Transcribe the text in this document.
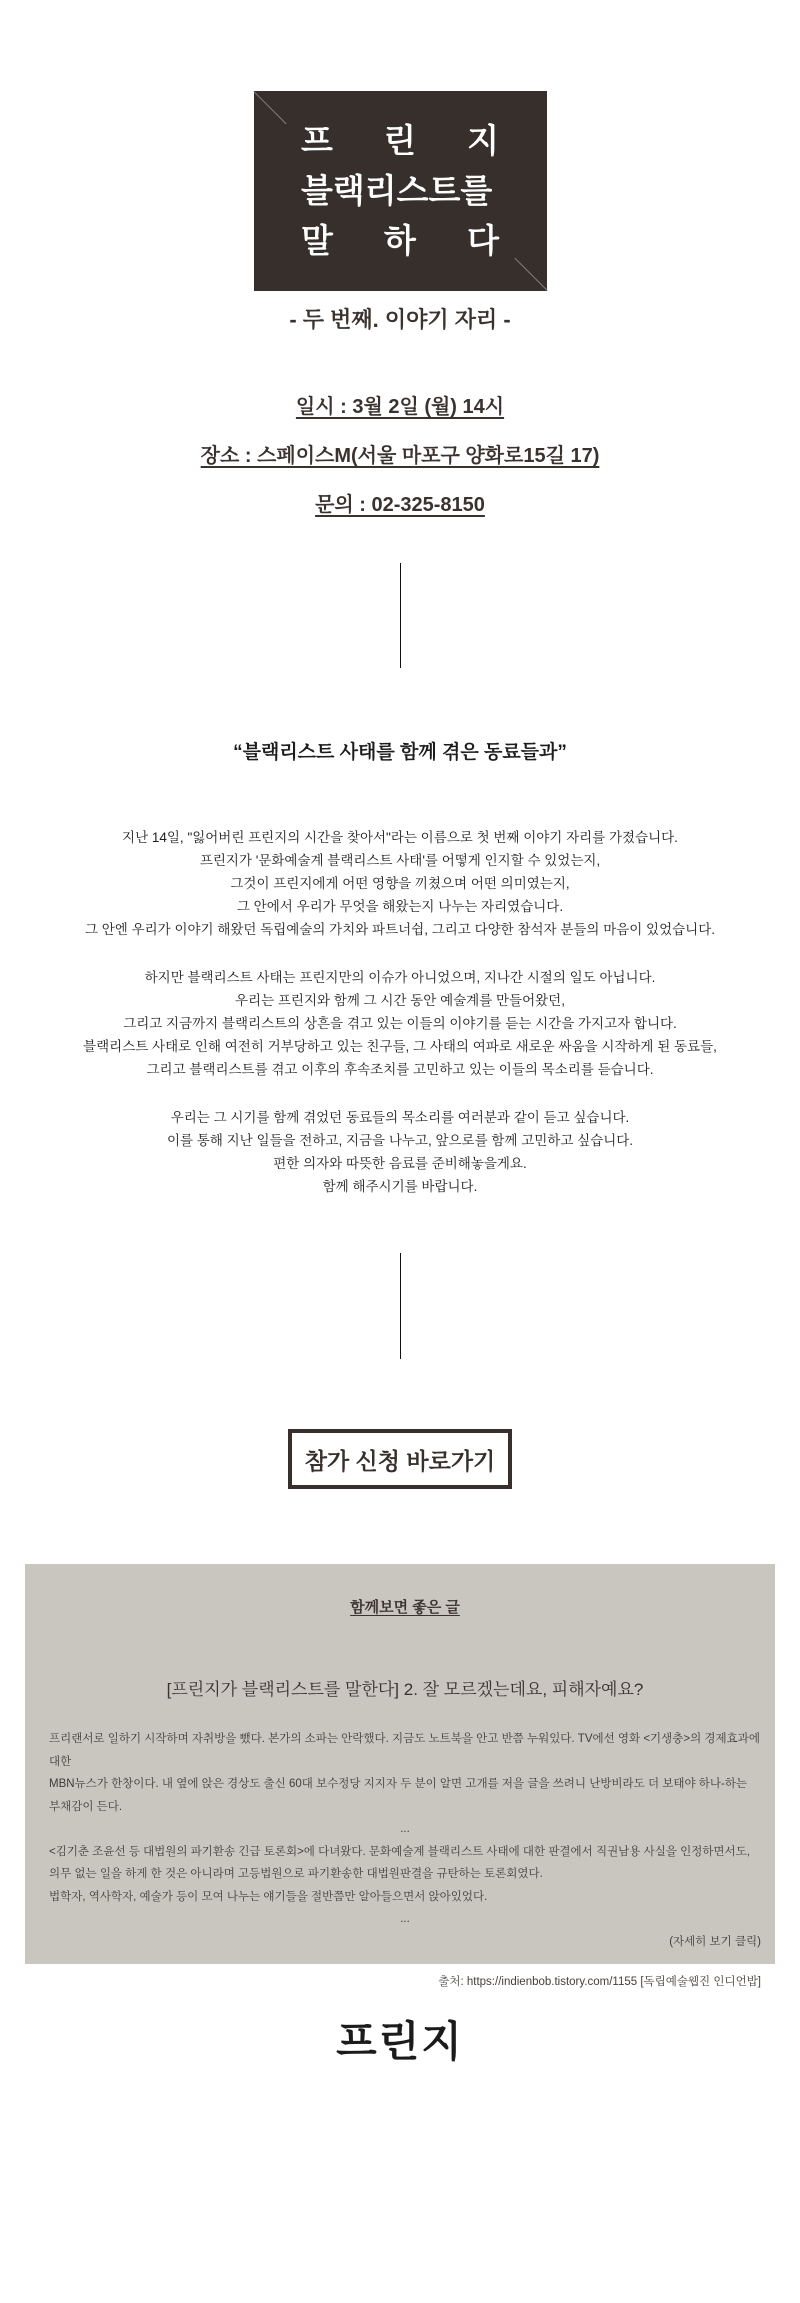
프 린 지
블랙리스트를
말 하 다
- 두 번째. 이야기 자리 -
일시 : 3월 2일 (월) 14시
장소 : 스페이스M(서울 마포구 양화로15길 17)
문의 : 02-325-8150
“블랙리스트 사태를 함께 겪은 동료들과”
지난 14일, "잃어버린 프린지의 시간을 찾아서"라는 이름으로 첫 번째 이야기 자리를 가졌습니다.
프린지가 '문화예술계 블랙리스트 사태'를 어떻게 인지할 수 있었는지,
그것이 프린지에게 어떤 영향을 끼쳤으며 어떤 의미였는지,
그 안에서 우리가 무엇을 해왔는지 나누는 자리였습니다.
그 안엔 우리가 이야기 해왔던 독립예술의 가치와 파트너쉽, 그리고 다양한 참석자 분들의 마음이 있었습니다.
하지만 블랙리스트 사태는 프린지만의 이슈가 아니었으며, 지나간 시절의 일도 아닙니다.
우리는 프린지와 함께 그 시간 동안 예술계를 만들어왔던,
그리고 지금까지 블랙리스트의 상흔을 겪고 있는 이들의 이야기를 듣는 시간을 가지고자 합니다.
블랙리스트 사태로 인해 여전히 거부당하고 있는 친구들, 그 사태의 여파로 새로운 싸움을 시작하게 된 동료들,
그리고 블랙리스트를 겪고 이후의 후속조치를 고민하고 있는 이들의 목소리를 듣습니다.
우리는 그 시기를 함께 겪었던 동료들의 목소리를 여러분과 같이 듣고 싶습니다.
이를 통해 지난 일들을 전하고, 지금을 나누고, 앞으로를 함께 고민하고 싶습니다.
편한 의자와 따뜻한 음료를 준비해놓을게요.
함께 해주시기를 바랍니다.
참가 신청 바로가기
함께보면 좋은 글
[프린지가 블랙리스트를 말한다] 2. 잘 모르겠는데요, 피해자예요?
프리랜서로 일하기 시작하며 자취방을 뺐다. 본가의 소파는 안락했다. 지금도 노트북을 안고 반쯤 누워있다. TV에선 영화 <기생충>의 경제효과에 대한
MBN뉴스가 한창이다. 내 옆에 앉은 경상도 출신 60대 보수정당 지지자 두 분이 알면 고개를 저을 글을 쓰려니 난방비라도 더 보태야 하나-하는 부채감이 든다.
...
<김기춘 조윤선 등 대법원의 파기환송 긴급 토론회>에 다녀왔다. 문화예술계 블랙리스트 사태에 대한 판결에서 직권남용 사실을 인정하면서도,
의무 없는 일을 하게 한 것은 아니라며 고등법원으로 파기환송한 대법원판결을 규탄하는 토론회였다.
법학자, 역사학자, 예술가 등이 모여 나누는 얘기들을 절반쯤만 알아들으면서 앉아있었다.
...
(자세히 보기 클릭)
출처: https://indienbob.tistory.com/1155 [독립예술웹진 인디언밥]
프린지
